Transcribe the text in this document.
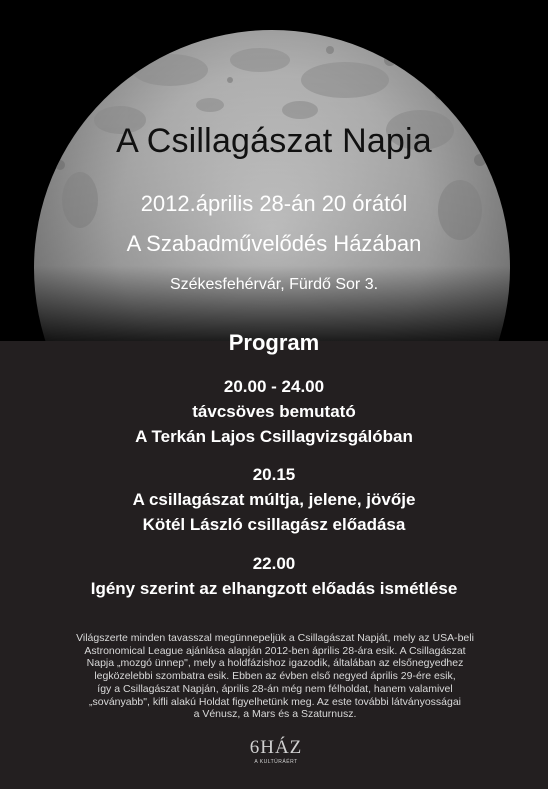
A Csillagászat Napja
2012.április 28-án 20 órától
A Szabadművelődés Házában
Székesfehérvár, Fürdő Sor 3.
Program
20.00 - 24.00
távcsöves bemutató
A Terkán Lajos Csillagvizsgálóban
20.15
A csillagászat múltja, jelene, jövője
Kötél László csillagász előadása
22.00
Igény szerint az elhangzott előadás ismétlése
Világszerte minden tavasszal megünnepeljük a Csillagászat Napját, mely az USA-beli
Astronomical League ajánlása alapján 2012-ben április 28-ára esik. A Csillagászat
Napja „mozgó ünnep", mely a holdfázishoz igazodik, általában az elsőnegyedhez
legközelebbi szombatra esik. Ebben az évben első negyed április 29-ére esik,
így a Csillagászat Napján, április 28-án még nem félholdat, hanem valamivel
„soványabb", kifli alakú Holdat figyelhetünk meg. Az este további látványosságai
a Vénusz, a Mars és a Szaturnusz.
6HÁZ
A KULTÚRÁÉRT
